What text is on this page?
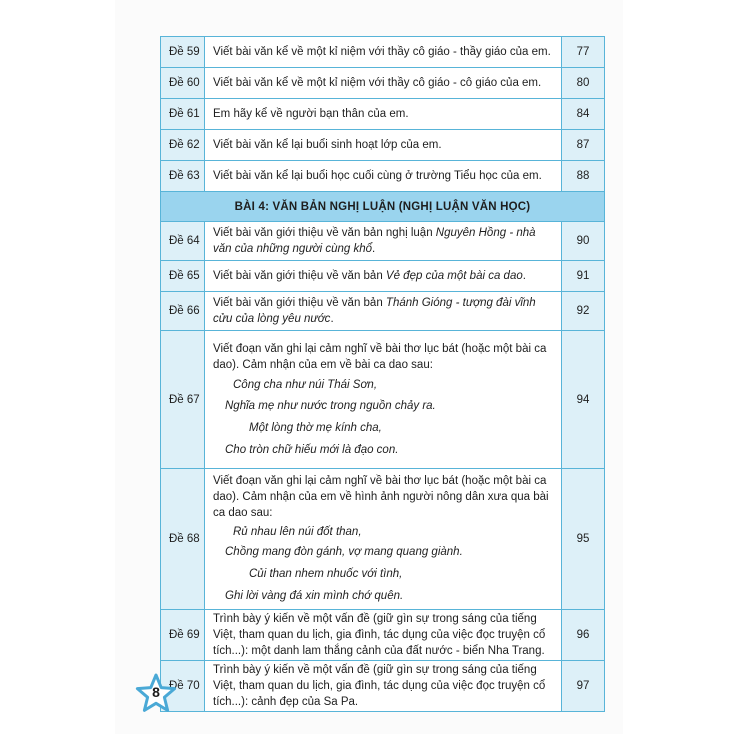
Đề 59	Viết bài văn kể về một kỉ niệm với thầy cô giáo - thầy giáo của em.	77
Đề 60	Viết bài văn kể về một kỉ niệm với thầy cô giáo - cô giáo của em.	80
Đề 61	Em hãy kể về người bạn thân của em.	84
Đề 62	Viết bài văn kể lại buổi sinh hoạt lớp của em.	87
Đề 63	Viết bài văn kể lại buổi học cuối cùng ở trường Tiểu học của em.	88
BÀI 4: VĂN BẢN NGHỊ LUẬN (NGHỊ LUẬN VĂN HỌC)		
Đề 64	Viết bài văn giới thiệu về văn bản nghị luận Nguyên Hồng - nhà văn của những người cùng khổ.	90
Đề 65	Viết bài văn giới thiệu về văn bản Vẻ đẹp của một bài ca dao.	91
Đề 66	Viết bài văn giới thiệu về văn bản Thánh Gióng - tượng đài vĩnh cửu của lòng yêu nước.	92
Đề 67	Viết đoạn văn ghi lại cảm nghĩ về bài thơ lục bát (hoặc một bài ca dao). Cảm nhận của em về bài ca dao sau:
Công cha như núi Thái Sơn,
Nghĩa mẹ như nước trong nguồn chảy ra.
Một lòng thờ mẹ kính cha,
Cho tròn chữ hiếu mới là đạo con.	94
Đề 68	Viết đoạn văn ghi lại cảm nghĩ về bài thơ lục bát (hoặc một bài ca dao). Cảm nhận của em về hình ảnh người nông dân xưa qua bài ca dao sau:
Rủ nhau lên núi đốt than,
Chồng mang đòn gánh, vợ mang quang giành.
Củi than nhem nhuốc với tình,
Ghi lời vàng đá xin mình chớ quên.	95
Đề 69	Trình bày ý kiến về một vấn đề (giữ gìn sự trong sáng của tiếng Việt, tham quan du lịch, gia đình, tác dụng của việc đọc truyện cổ tích...): một danh lam thắng cảnh của đất nước - biển Nha Trang.	96
Đề 70	Trình bày ý kiến về một vấn đề (giữ gìn sự trong sáng của tiếng Việt, tham quan du lịch, gia đình, tác dụng của việc đọc truyện cổ tích...): cảnh đẹp của Sa Pa.	97
8
